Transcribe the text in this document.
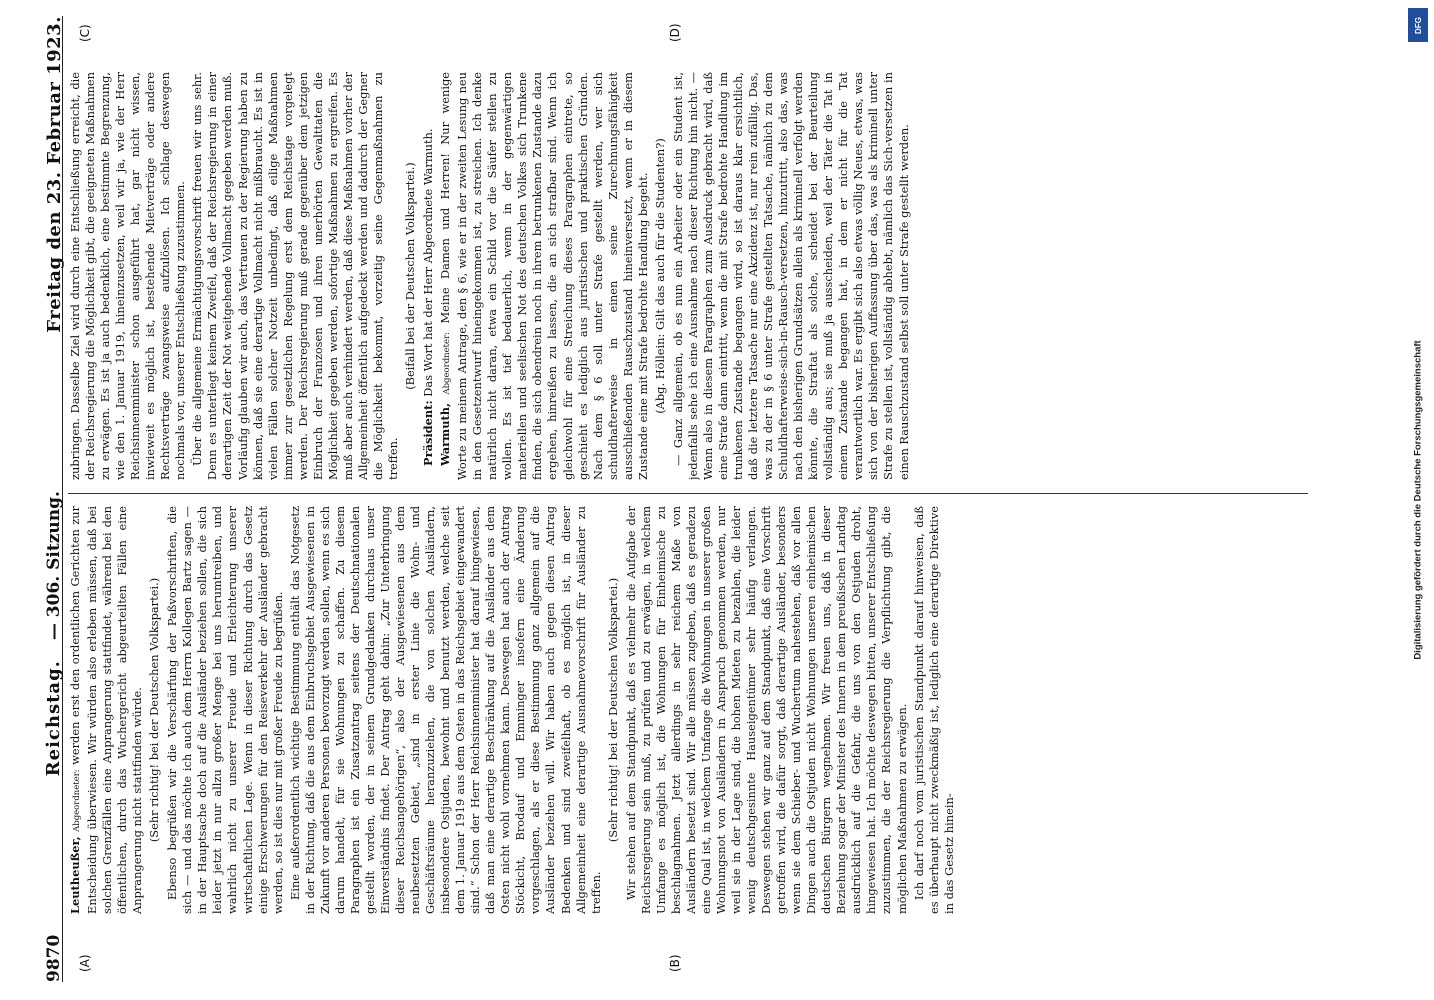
9870
Reichstag. — 306. Sitzung.
Freitag den 23. Februar 1923.
(A)	(B)
(C)	(D)

Leutheußer, Abgeordneter: werden erst den ordentlichen Gerichten zur Entscheidung überwiesen. Wir würden also erleben müssen, daß bei solchen Grenzfällen eine Anprangerung stattfindet, während bei den öffentlichen, durch das Wuchergericht abgeurteilten Fällen eine Anprangerung nicht stattfinden würde. (Sehr richtig! bei der Deutschen Volkspartei.) Ebenso begrüßen wir die Verschärfung der Paßvorschriften, die sich — und das möchte ich auch dem Herrn Kollegen Bartz sagen — in der Hauptsache doch auf die Ausländer beziehen sollen, die sich leider jetzt in nur allzu großer Menge bei uns herumtreiben, und wahrlich nicht zu unserer Freude und Erleichterung unserer wirtschaftlichen Lage. Wenn in dieser Richtung durch das Gesetz einige Erschwerungen für den Reiseverkehr der Ausländer gebracht werden, so ist dies nur mit großer Freude zu begrüßen. Eine außerordentlich wichtige Bestimmung enthält das Notgesetz in der Richtung, daß die aus dem Einbruchsgebiet Ausgewiesenen in Zukunft vor anderen Personen bevorzugt werden sollen, wenn es sich darum handelt, für sie Wohnungen zu schaffen. Zu diesem Paragraphen ist ein Zusatzantrag seitens der Deutschnationalen gestellt worden, der in seinem Grundgedanken durchaus unser Einverständnis findet. Der Antrag geht dahin: „Zur Unterbringung dieser Reichsangehörigen“, also der Ausgewiesenen aus dem neubesetzten Gebiet, „sind in erster Linie die Wohn- und Geschäftsräume heranzuziehen, die von solchen Ausländern, insbesondere Ostjuden, bewohnt und benutzt werden, welche seit dem 1. Januar 1919 aus dem Osten in das Reichsgebiet eingewandert sind.“ Schon der Herr Reichsinnenminister hat darauf hingewiesen, daß man eine derartige Beschränkung auf die Ausländer aus dem Osten nicht wohl vornehmen kann. Deswegen hat auch der Antrag Stöckicht, Brodauf und Emminger insofern eine Änderung vorgeschlagen, als er diese Bestimmung ganz allgemein auf die Ausländer beziehen will. Wir haben auch gegen diesen Antrag Bedenken und sind zweifelhaft, ob es möglich ist, in dieser Allgemeinheit eine derartige Ausnahmevorschrift für Ausländer zu treffen.

(Sehr richtig! bei der Deutschen Volkspartei.) Wir stehen auf dem Standpunkt, daß es vielmehr die Aufgabe der Reichsregierung sein muß, zu prüfen und zu erwägen, in welchem Umfange es möglich ist, die Wohnungen für Einheimische zu beschlagnahmen. Jetzt allerdings in sehr reichem Maße von Ausländern besetzt sind. Wir alle müssen zugeben, daß es geradezu eine Qual ist, in welchem Umfange die Wohnungen in unserer großen Wohnungsnot von Ausländern in Anspruch genommen werden, nur weil sie in der Lage sind, die hohen Mieten zu bezahlen, die leider wenig deutschgesinnte Hauseigentümer sehr häufig verlangen. Deswegen stehen wir ganz auf dem Standpunkt, daß eine Vorschrift getroffen wird, die dafür sorgt, daß derartige Ausländer, besonders wenn sie dem Schieber- und Wuchertum nahestehen, daß vor allen Dingen auch die Ostjuden nicht Wohnungen unseren einheimischen deutschen Bürgern wegnehmen. Wir freuen uns, daß in dieser Beziehung sogar der Minister des Innern in dem preußischen Landtag ausdrücklich auf die Gefahr, die uns von den Ostjuden droht, hingewiesen hat. Ich möchte deswegen bitten, unserer Entschließung zuzustimmen, die der Reichsregierung die Verpflichtung gibt, die möglichen Maßnahmen zu erwägen. Ich darf noch vom juristischen Standpunkt darauf hinweisen, daß es überhaupt nicht zweckmäßig ist, lediglich eine derartige Direktive in das Gesetz hinein-

zubringen. Dasselbe Ziel wird durch eine Entschließung erreicht, die der Reichsregierung die Möglichkeit gibt, die geeigneten Maßnahmen zu erwägen. Es ist ja auch bedenklich, eine bestimmte Begrenzung, wie den 1. Januar 1919, hineinzusetzen, weil wir ja, wie der Herr Reichsinnenminister schon ausgeführt hat, gar nicht wissen, inwieweit es möglich ist, bestehende Mietverträge oder andere Rechtsverträge zwangsweise aufzulösen. Ich schlage deswegen nochmals vor, unserer Entschließung zuzustimmen. Über die allgemeine Ermächtigungsvorschrift freuen wir uns sehr. Denn es unterliegt keinem Zweifel, daß der Reichsregierung in einer derartigen Zeit der Not weitgehende Vollmacht gegeben werden muß. Vorläufig glauben wir auch, das Vertrauen zu der Regierung haben zu können, daß sie eine derartige Vollmacht nicht mißbraucht. Es ist in vielen Fällen solcher Notzeit unbedingt, daß eilige Maßnahmen immer zur gesetzlichen Regelung erst dem Reichstage vorgelegt werden. Der Reichsregierung muß gerade gegenüber dem jetzigen Einbruch der Franzosen und ihren unerhörten Gewalttaten die Möglichkeit gegeben werden, sofortige Maßnahmen zu ergreifen. Es muß aber auch verhindert werden, daß diese Maßnahmen vorher der Allgemeinheit öffentlich aufgedeckt werden und dadurch der Gegner die Möglichkeit bekommt, vorzeitig seine Gegenmaßnahmen zu treffen.

(Beifall bei der Deutschen Volkspartei.)

Präsident: Das Wort hat der Herr Abgeordnete Warmuth.

Warmuth, Abgeordneter: Meine Damen und Herren! Nur wenige Worte zu meinem Antrage, den § 6, wie er in der zweiten Lesung neu in den Gesetzentwurf hineingekommen ist, zu streichen. Ich denke natürlich nicht daran, etwa ein Schild vor die Säufer stellen zu wollen. Es ist tief bedauerlich, wenn in der gegenwärtigen materiellen und seelischen Not des deutschen Volkes sich Trunkene finden, die sich obendrein noch in ihrem betrunkenen Zustande dazu ergehen, hinreißen zu lassen, die an sich strafbar sind. Wenn ich gleichwohl für eine Streichung dieses Paragraphen eintrete, so geschieht es lediglich aus juristischen und praktischen Gründen. Nach dem § 6 soll unter Strafe gestellt werden, wer sich schuldhafterweise in einen seine Zurechnungsfähigkeit ausschließenden Rauschzustand hineinversetzt, wenn er in diesem Zustande eine mit Strafe bedrohte Handlung begeht. (Abg. Höllein: Gilt das auch für die Studenten?) — Ganz allgemein, ob es nun ein Arbeiter oder ein Student ist, jedenfalls sehe ich eine Ausnahme nach dieser Richtung hin nicht. — Wenn also in diesem Paragraphen zum Ausdruck gebracht wird, daß eine Strafe dann eintritt, wenn die mit Strafe bedrohte Handlung im trunkenen Zustande begangen wird, so ist daraus klar ersichtlich, daß die letztere Tatsache nur eine Akzidenz ist, nur rein zufällig. Das, was zu der in § 6 unter Strafe gestellten Tatsache, nämlich zu dem Schuldhafterweise-sich-in-Rausch-versetzen, hinzutritt, also das, was nach den bisherigen Grundsätzen allein als kriminell verfolgt werden könnte, die Straftat als solche, scheidet bei der Beurteilung vollständig aus; sie muß ja ausscheiden, weil der Täter die Tat in einem Zustande begangen hat, in dem er nicht für die Tat verantwortlich war. Es ergibt sich also etwas völlig Neues, etwas, was sich von der bisherigen Auffassung über das, was als kriminell unter Strafe zu stellen ist, vollständig abhebt, nämlich das Sich-versetzen in einen Rauschzustand selbst soll unter Strafe gestellt werden.

DFG
Digitalisierung gefördert durch die Deutsche Forschungsgemeinschaft
